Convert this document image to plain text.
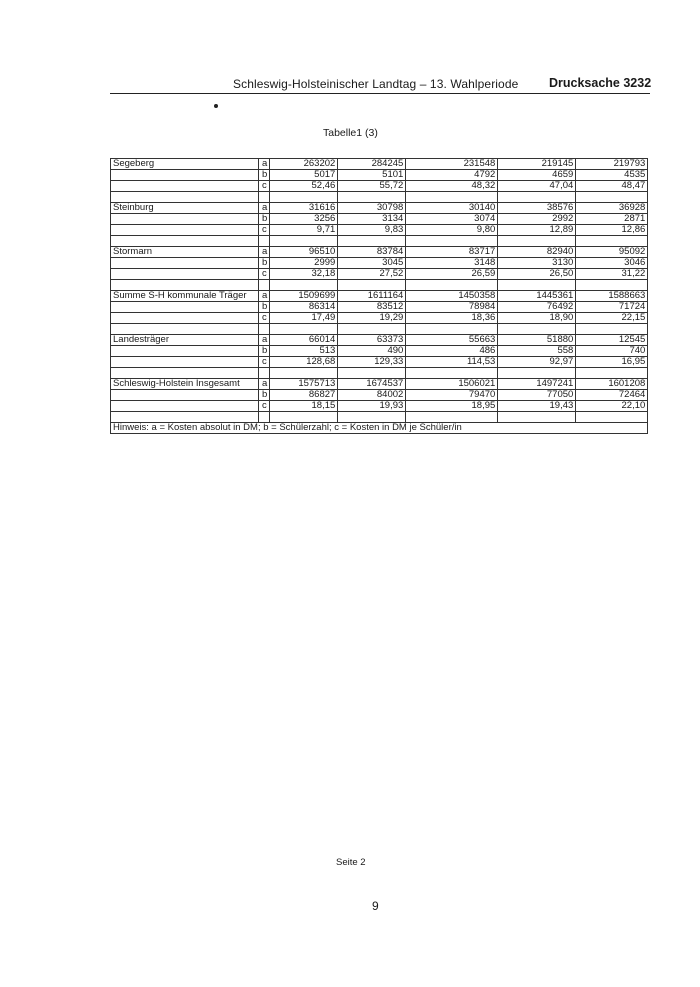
Schleswig-Holsteinischer Landtag – 13. Wahlperiode Drucksache 3232
Tabelle1 (3)
Segeberg	a	263202	284245	231548	219145	219793
	b	5017	5101	4792	4659	4535
	c	52,46	55,72	48,32	47,04	48,47

Steinburg	a	31616	30798	30140	38576	36928
	b	3256	3134	3074	2992	2871
	c	9,71	9,83	9,80	12,89	12,86

Stormarn	a	96510	83784	83717	82940	95092
	b	2999	3045	3148	3130	3046
	c	32,18	27,52	26,59	26,50	31,22

Summe S-H kommunale Träger	a	1509699	1611164	1450358	1445361	1588663
	b	86314	83512	78984	76492	71724
	c	17,49	19,29	18,36	18,90	22,15

Landesträger	a	66014	63373	55663	51880	12545
	b	513	490	486	558	740
	c	128,68	129,33	114,53	92,97	16,95

Schleswig-Holstein Insgesamt	a	1575713	1674537	1506021	1497241	1601208
	b	86827	84002	79470	77050	72464
	c	18,15	19,93	18,95	19,43	22,10

Hinweis: a = Kosten absolut in DM; b = Schülerzahl; c = Kosten in DM je Schüler/in						
Seite 2
9
